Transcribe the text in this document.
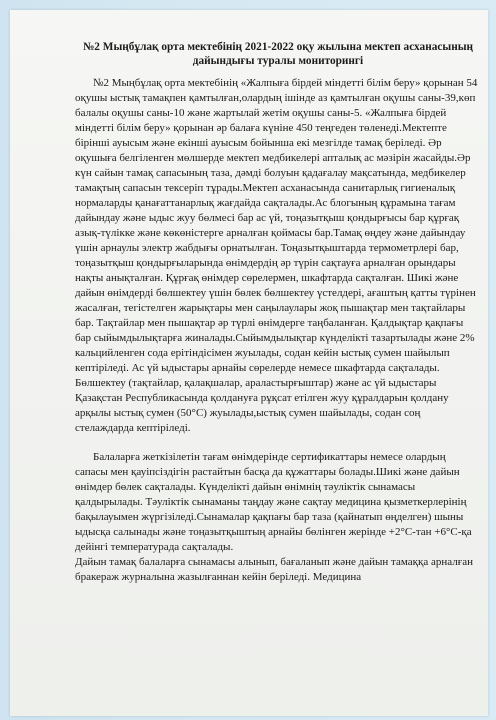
№2 Мыңбұлақ орта мектебінің 2021-2022 оқу жылына мектеп асханасының дайындығы туралы мониторингі

№2 Мыңбұлақ орта мектебінің «Жалпыға бірдей міндетті білім беру» қорынан 54 оқушы ыстық тамақпен қамтылған,олардың ішінде аз қамтылған оқушы саны-39,көп балалы оқушы саны-10 және жартылай жетім оқушы саны-5. «Жалпыға бірдей міндетті білім беру» қорынан әр балаға күніне 450 теңгеден төленеді.Мектепте бірінші ауысым және екінші ауысым бойынша екі мезгілде тамақ беріледі. Әр оқушыға белгіленген мөлшерде мектеп медбикелері апталық ас мәзірін жасайды.Әр күн сайын тамақ сапасының таза, дәмді болуын қадағалау мақсатында, медбикелер тамақтың сапасын тексеріп тұрады.Мектеп асханасында санитарлық гигиеналық нормаларды қанағаттанарлық жағдайда сақталады.Ас блогының құрамына тағам дайындау және ыдыс жуу бөлмесі бар ас үй, тоңазытқыш қондырғысы бар құрғақ азық-түлікке және көкөністерге арналған қоймасы бар.Тамақ өңдеу және дайындау үшін арнаулы электр жабдығы орнатылған. Тоңазытқыштарда термометрлері бар, тоңазытқыш қондырғыларында өнімдердің әр түрін сақтауға арналған орындары нақты анықталған. Құрғақ өнімдер сөрелермен, шкафтарда сақталған. Шикі және дайын өнімдерді бөлшектеу үшін бөлек бөлшектеу үстелдері, ағаштың қатты түрінен жасалған, тегістелген жарықтары мен саңылаулары жоқ пышақтар мен тақтайлары бар. Тақтайлар мен пышақтар әр түрлі өнімдерге таңбаланған. Қалдықтар қақпағы бар сыйымдылықтарға жиналады.Сыйымдылықтар күнделікті тазартылады және 2% кальцийленген сода ерітіндісімен жуылады, содан кейін ыстық сумен шайылып кептіріледі. Ас үй ыдыстары арнайы сөрелерде немесе шкафтарда сақталады. Бөлшектеу (тақтайлар, қалақшалар, араластырғыштар) және ас үй ыдыстары Қазақстан Республикасында қолдануға рұқсат етілген жуу құралдарын қолдану арқылы ыстық сумен (50°С) жуылады,ыстық сумен шайылады, содан соң стелаждарда кептіріледі.

Балаларға жеткізілетін тағам өнімдерінде сертификаттары немесе олардың сапасы мен қауіпсіздігін растайтын басқа да құжаттары болады.Шикі және дайын өнімдер бөлек сақталады. Күнделікті дайын өнімнің тәуліктік сынамасы қалдырылады. Тәуліктік сынаманы таңдау және сақтау медицина қызметкерлерінің бақылауымен жүргізіледі.Сынамалар қақпағы бар таза (қайнатып өңделген) шыны ыдысқа салынады және тоңазытқыштың арнайы бөлінген жерінде +2°С-тан +6°С-қа дейінгі температурада сақталады.

Дайын тамақ балаларға сынамасы алынып, бағаланып және дайын тамаққа арналған бракераж журналына жазылғаннан кейін беріледі. Медицина
